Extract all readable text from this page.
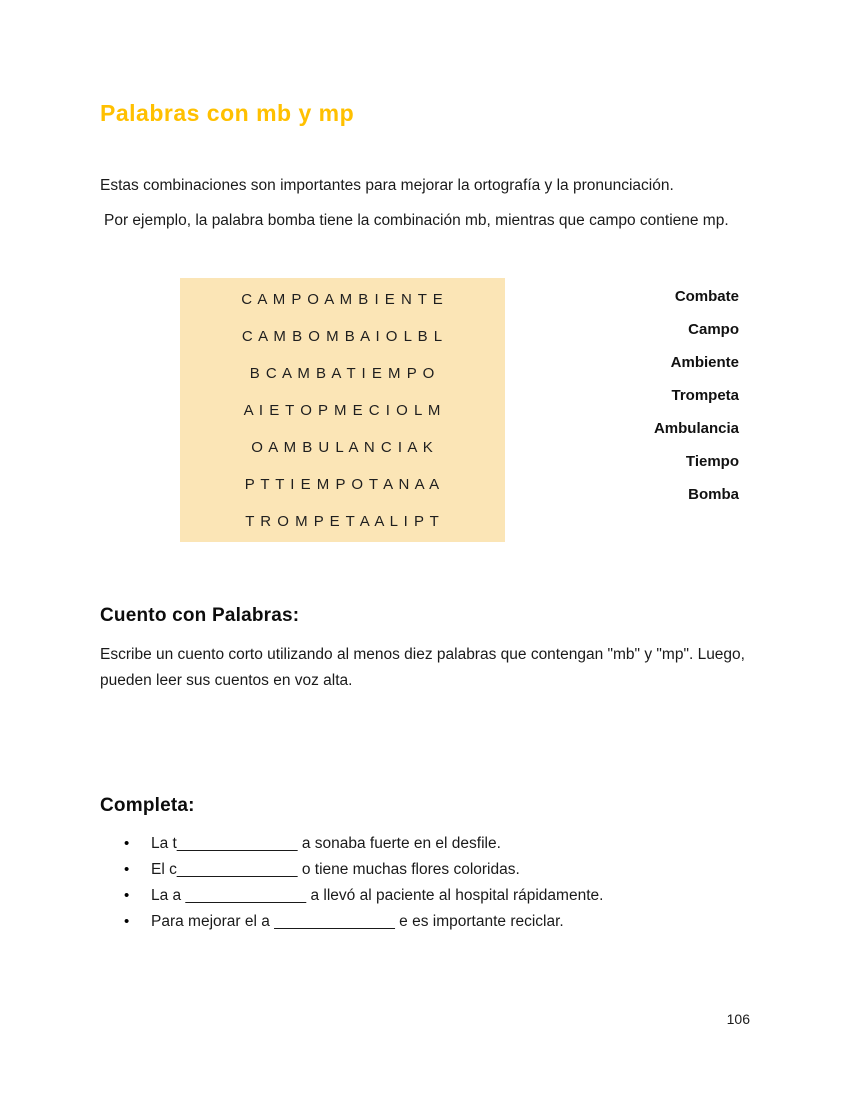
Palabras con mb y mp

Estas combinaciones son importantes para mejorar la ortografía y la pronunciación.

Por ejemplo, la palabra bomba tiene la combinación mb, mientras que campo contiene mp.

C A M P O A M B I E N T E
C A M B O M B A I O L B L
B C A M B A T I E M P O
A I E T O P M E C I O L M
O A M B U L A N C I A K
P T T I E M P O T A N A A
T R O M P E T A A L I P T
Combate
Campo
Ambiente
Trompeta
Ambulancia
Tiempo
Bomba
Cuento con Palabras:

Escribe un cuento corto utilizando al menos diez palabras que contengan "mb" y "mp". Luego, pueden leer sus cuentos en voz alta.

Completa:
•	La t______________ a sonaba fuerte en el desfile.
•	El c______________ o tiene muchas flores coloridas.
•	La a ______________ a llevó al paciente al hospital rápidamente.
•	Para mejorar el a ______________ e es importante reciclar.
106
